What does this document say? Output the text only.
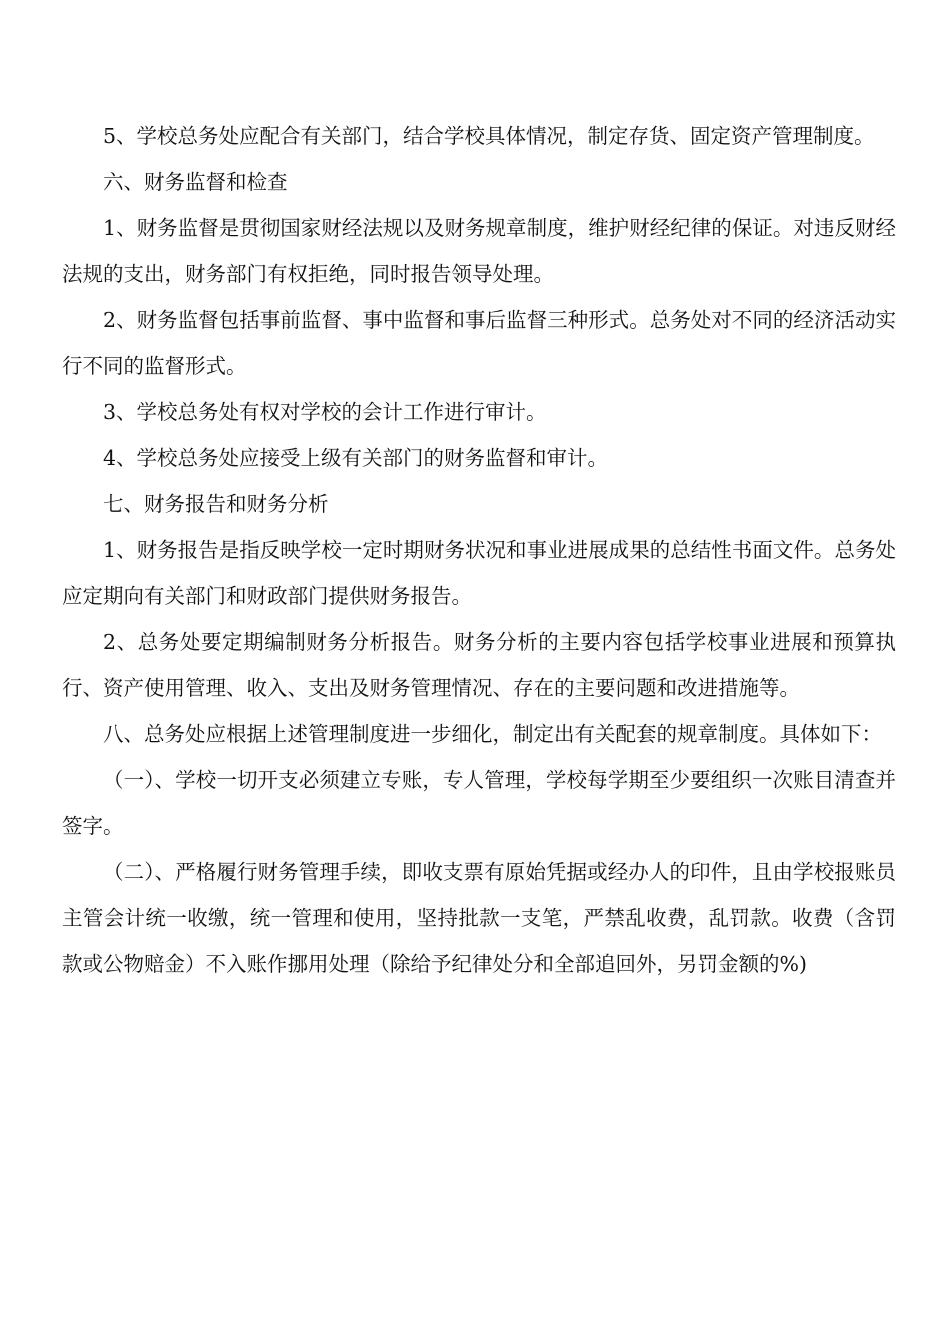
5、学校总务处应配合有关部门，结合学校具体情况，制定存货、固定资产管理制度。

六、财务监督和检查

1、财务监督是贯彻国家财经法规以及财务规章制度，维护财经纪律的保证。对违反财经法规的支出，财务部门有权拒绝，同时报告领导处理。

2、财务监督包括事前监督、事中监督和事后监督三种形式。总务处对不同的经济活动实行不同的监督形式。

3、学校总务处有权对学校的会计工作进行审计。

4、学校总务处应接受上级有关部门的财务监督和审计。

七、财务报告和财务分析

1、财务报告是指反映学校一定时期财务状况和事业进展成果的总结性书面文件。总务处应定期向有关部门和财政部门提供财务报告。

2、总务处要定期编制财务分析报告。财务分析的主要内容包括学校事业进展和预算执行、资产使用管理、收入、支出及财务管理情况、存在的主要问题和改进措施等。

八、总务处应根据上述管理制度进一步细化，制定出有关配套的规章制度。具体如下：

（一）、学校一切开支必须建立专账，专人管理，学校每学期至少要组织一次账目清查并签字。

（二）、严格履行财务管理手续，即收支票有原始凭据或经办人的印件，且由学校报账员主管会计统一收缴，统一管理和使用，坚持批款一支笔，严禁乱收费，乱罚款。收费（含罚款或公物赔金）不入账作挪用处理（除给予纪律处分和全部追回外，另罚金额的%)
